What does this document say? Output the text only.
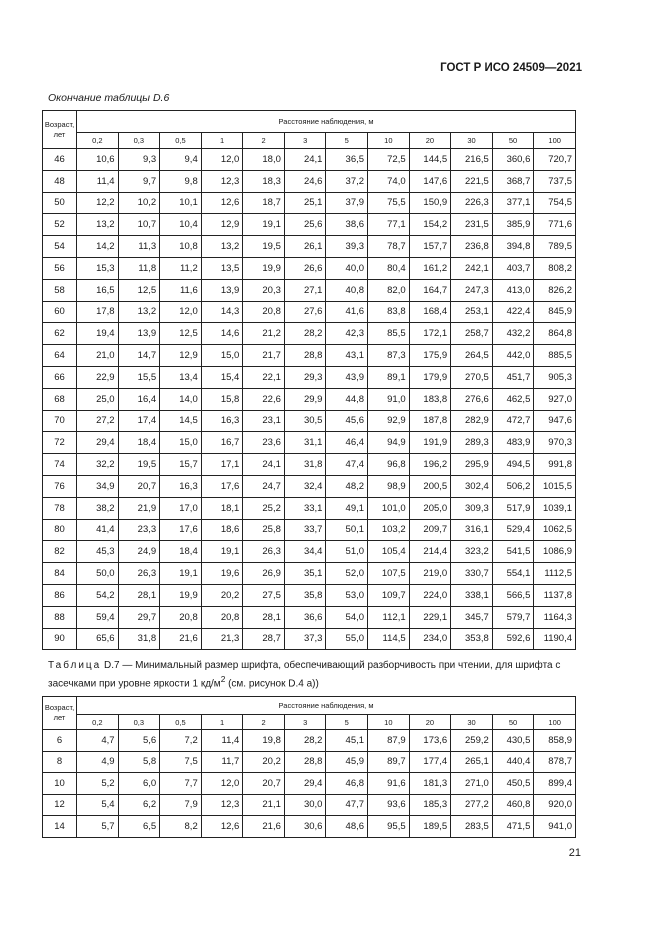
ГОСТ Р ИСО 24509—2021
Окончание таблицы D.6
Возраст,
лет	Расстояние наблюдения, м											
	0,2	0,3	0,5	1	2	3	5	10	20	30	50	100
46	10,6	9,3	9,4	12,0	18,0	24,1	36,5	72,5	144,5	216,5	360,6	720,7
48	11,4	9,7	9,8	12,3	18,3	24,6	37,2	74,0	147,6	221,5	368,7	737,5
50	12,2	10,2	10,1	12,6	18,7	25,1	37,9	75,5	150,9	226,3	377,1	754,5
52	13,2	10,7	10,4	12,9	19,1	25,6	38,6	77,1	154,2	231,5	385,9	771,6
54	14,2	11,3	10,8	13,2	19,5	26,1	39,3	78,7	157,7	236,8	394,8	789,5
56	15,3	11,8	11,2	13,5	19,9	26,6	40,0	80,4	161,2	242,1	403,7	808,2
58	16,5	12,5	11,6	13,9	20,3	27,1	40,8	82,0	164,7	247,3	413,0	826,2
60	17,8	13,2	12,0	14,3	20,8	27,6	41,6	83,8	168,4	253,1	422,4	845,9
62	19,4	13,9	12,5	14,6	21,2	28,2	42,3	85,5	172,1	258,7	432,2	864,8
64	21,0	14,7	12,9	15,0	21,7	28,8	43,1	87,3	175,9	264,5	442,0	885,5
66	22,9	15,5	13,4	15,4	22,1	29,3	43,9	89,1	179,9	270,5	451,7	905,3
68	25,0	16,4	14,0	15,8	22,6	29,9	44,8	91,0	183,8	276,6	462,5	927,0
70	27,2	17,4	14,5	16,3	23,1	30,5	45,6	92,9	187,8	282,9	472,7	947,6
72	29,4	18,4	15,0	16,7	23,6	31,1	46,4	94,9	191,9	289,3	483,9	970,3
74	32,2	19,5	15,7	17,1	24,1	31,8	47,4	96,8	196,2	295,9	494,5	991,8
76	34,9	20,7	16,3	17,6	24,7	32,4	48,2	98,9	200,5	302,4	506,2	1015,5
78	38,2	21,9	17,0	18,1	25,2	33,1	49,1	101,0	205,0	309,3	517,9	1039,1
80	41,4	23,3	17,6	18,6	25,8	33,7	50,1	103,2	209,7	316,1	529,4	1062,5
82	45,3	24,9	18,4	19,1	26,3	34,4	51,0	105,4	214,4	323,2	541,5	1086,9
84	50,0	26,3	19,1	19,6	26,9	35,1	52,0	107,5	219,0	330,7	554,1	1112,5
86	54,2	28,1	19,9	20,2	27,5	35,8	53,0	109,7	224,0	338,1	566,5	1137,8
88	59,4	29,7	20,8	20,8	28,1	36,6	54,0	112,1	229,1	345,7	579,7	1164,3
90	65,6	31,8	21,6	21,3	28,7	37,3	55,0	114,5	234,0	353,8	592,6	1190,4
Таблица D.7 — Минимальный размер шрифта, обеспечивающий разборчивость при чтении, для шрифта с засечками при уровне яркости 1 $кд/м^2$ (см. рисунок D.4 a))
Возраст,
лет	Расстояние наблюдения, м											
	0,2	0,3	0,5	1	2	3	5	10	20	30	50	100
6	4,7	5,6	7,2	11,4	19,8	28,2	45,1	87,9	173,6	259,2	430,5	858,9
8	4,9	5,8	7,5	11,7	20,2	28,8	45,9	89,7	177,4	265,1	440,4	878,7
10	5,2	6,0	7,7	12,0	20,7	29,4	46,8	91,6	181,3	271,0	450,5	899,4
12	5,4	6,2	7,9	12,3	21,1	30,0	47,7	93,6	185,3	277,2	460,8	920,0
14	5,7	6,5	8,2	12,6	21,6	30,6	48,6	95,5	189,5	283,5	471,5	941,0
21
